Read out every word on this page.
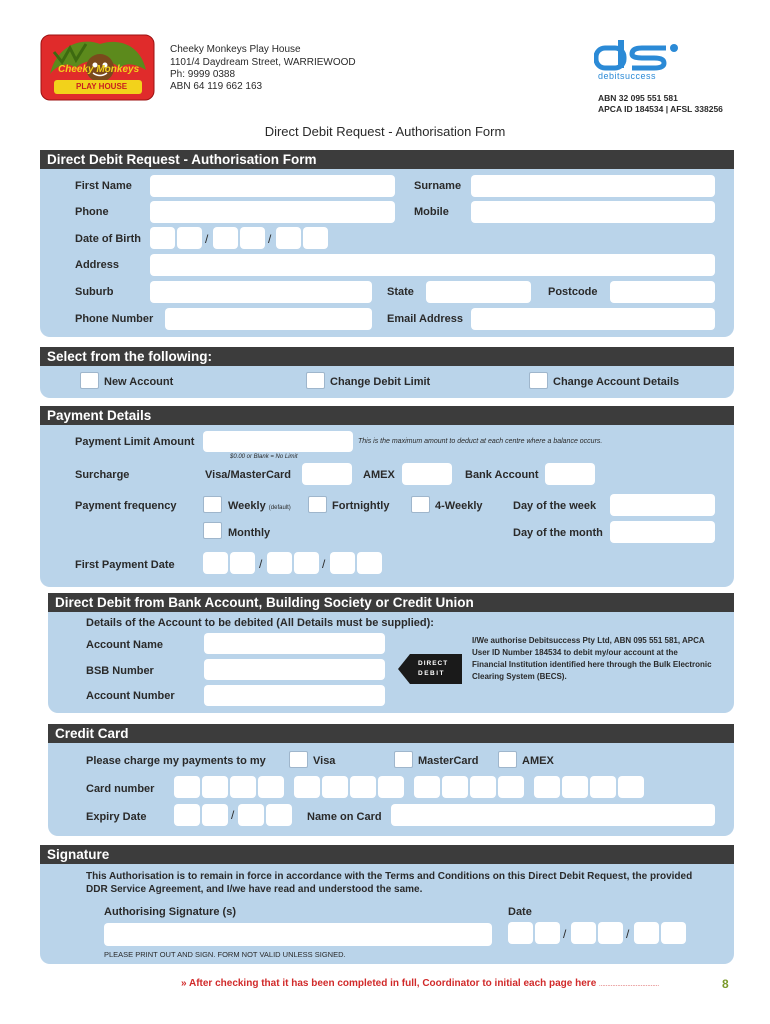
Cheeky Monkeys
PLAY HOUSE
Cheeky Monkeys Play House
1101/4 Daydream Street, WARRIEWOOD
Ph: 9999 0388
ABN 64 119 662 163
debitsuccess
ABN 32 095 551 581
APCA ID 184534 | AFSL 338256
Direct Debit Request - Authorisation Form
Direct Debit Request - Authorisation Form
First Name	Surname
Phone	Mobile
Date of Birth	/	/
Address
Suburb	State	Postcode
Phone Number	Email Address
Select from the following:
New Account	Change Debit Limit	Change Account Details
Payment Details
Payment Limit Amount
$0.00 or Blank = No Limit
This is the maximum amount to deduct at each centre where a balance occurs.
Surcharge	Visa/MasterCard	AMEX	Bank Account
Payment frequency	Weekly (default)	Fortnightly	4-Weekly	Day of the week
Monthly	Day of the month
First Payment Date	/	/
Direct Debit from Bank Account, Building Society or Credit Union
Details of the Account to be debited (All Details must be supplied):
Account Name
BSB Number
Account Number
DIRECT
DEBIT
I/We authorise Debitsuccess Pty Ltd, ABN 095 551 581, APCA User ID Number 184534 to debit my/our account at the Financial Institution identified here through the Bulk Electronic Clearing System (BECS).
Credit Card
Please charge my payments to my	Visa	MasterCard	AMEX
Card number
Expiry Date	/	Name on Card
Signature
This Authorisation is to remain in force in accordance with the Terms and Conditions on this Direct Debit Request, the provided DDR Service Agreement, and I/we have read and understood the same.
Authorising Signature (s)	Date
/	/
PLEASE PRINT OUT AND SIGN. FORM NOT VALID UNLESS SIGNED.
» After checking that it has been completed in full, Coordinator to initial each page here ....................................	8
